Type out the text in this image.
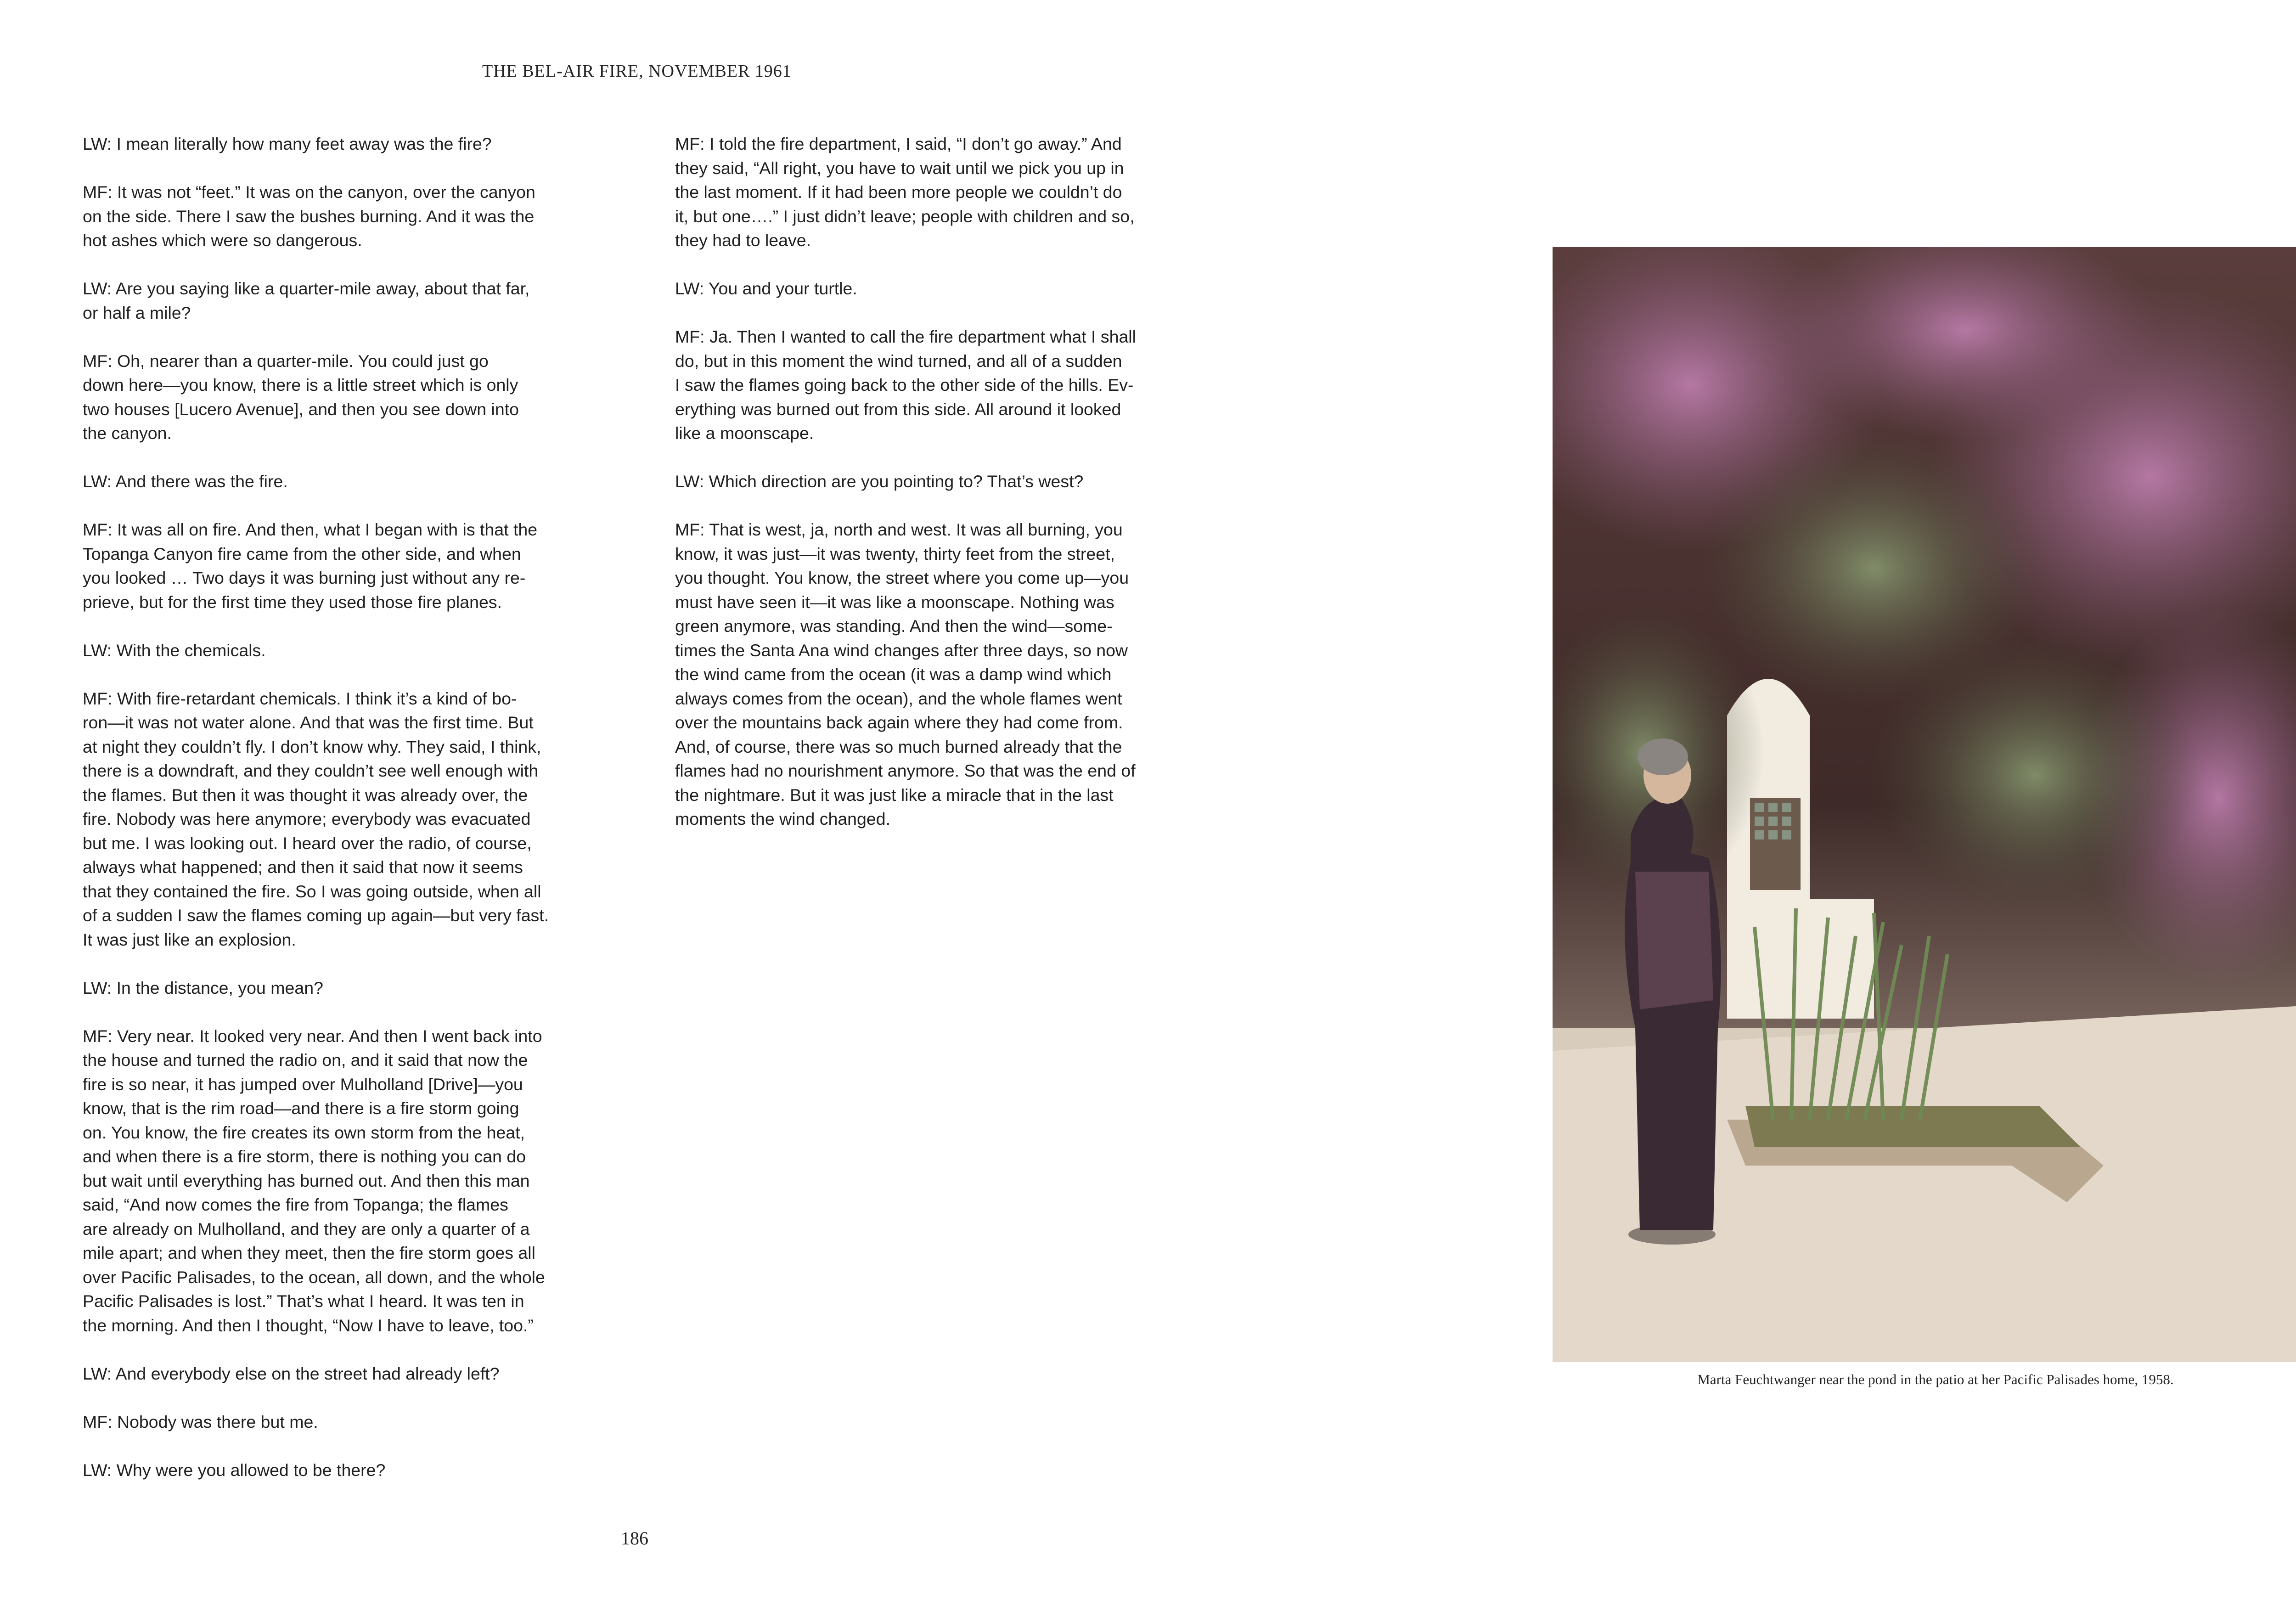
THE BEL-AIR FIRE, NOVEMBER 1961

LW: I mean literally how many feet away was the fire?

MF: It was not “feet.” It was on the canyon, over the canyon
on the side. There I saw the bushes burning. And it was the
hot ashes which were so dangerous.

LW: Are you saying like a quarter-mile away, about that far,
or half a mile?

MF: Oh, nearer than a quarter-mile. You could just go
down here—you know, there is a little street which is only
two houses [Lucero Avenue], and then you see down into
the canyon.

LW: And there was the fire.

MF: It was all on fire. And then, what I began with is that the
Topanga Canyon fire came from the other side, and when
you looked … Two days it was burning just without any re-
prieve, but for the first time they used those fire planes.

LW: With the chemicals.

MF: With fire-retardant chemicals. I think it’s a kind of bo-
ron—it was not water alone. And that was the first time. But
at night they couldn’t fly. I don’t know why. They said, I think,
there is a downdraft, and they couldn’t see well enough with
the flames. But then it was thought it was already over, the
fire. Nobody was here anymore; everybody was evacuated
but me. I was looking out. I heard over the radio, of course,
always what happened; and then it said that now it seems
that they contained the fire. So I was going outside, when all
of a sudden I saw the flames coming up again—but very fast.
It was just like an explosion.

LW: In the distance, you mean?

MF: Very near. It looked very near. And then I went back into
the house and turned the radio on, and it said that now the
fire is so near, it has jumped over Mulholland [Drive]—you
know, that is the rim road—and there is a fire storm going
on. You know, the fire creates its own storm from the heat,
and when there is a fire storm, there is nothing you can do
but wait until everything has burned out. And then this man
said, “And now comes the fire from Topanga; the flames
are already on Mulholland, and they are only a quarter of a
mile apart; and when they meet, then the fire storm goes all
over Pacific Palisades, to the ocean, all down, and the whole
Pacific Palisades is lost.” That’s what I heard. It was ten in
the morning. And then I thought, “Now I have to leave, too.”

LW: And everybody else on the street had already left?

MF: Nobody was there but me.

LW: Why were you allowed to be there?

MF: I told the fire department, I said, “I don’t go away.” And
they said, “All right, you have to wait until we pick you up in
the last moment. If it had been more people we couldn’t do
it, but one….” I just didn’t leave; people with children and so,
they had to leave.

LW: You and your turtle.

MF: Ja. Then I wanted to call the fire department what I shall
do, but in this moment the wind turned, and all of a sudden
I saw the flames going back to the other side of the hills. Ev-
erything was burned out from this side. All around it looked
like a moonscape.

LW: Which direction are you pointing to? That’s west?

MF: That is west, ja, north and west. It was all burning, you
know, it was just—it was twenty, thirty feet from the street,
you thought. You know, the street where you come up—you
must have seen it—it was like a moonscape. Nothing was
green anymore, was standing. And then the wind—some-
times the Santa Ana wind changes after three days, so now
the wind came from the ocean (it was a damp wind which
always comes from the ocean), and the whole flames went
over the mountains back again where they had come from.
And, of course, there was so much burned already that the
flames had no nourishment anymore. So that was the end of
the nightmare. But it was just like a miracle that in the last
moments the wind changed.

186
Marta Feuchtwanger near the pond in the patio at her Pacific Palisades home, 1958.
